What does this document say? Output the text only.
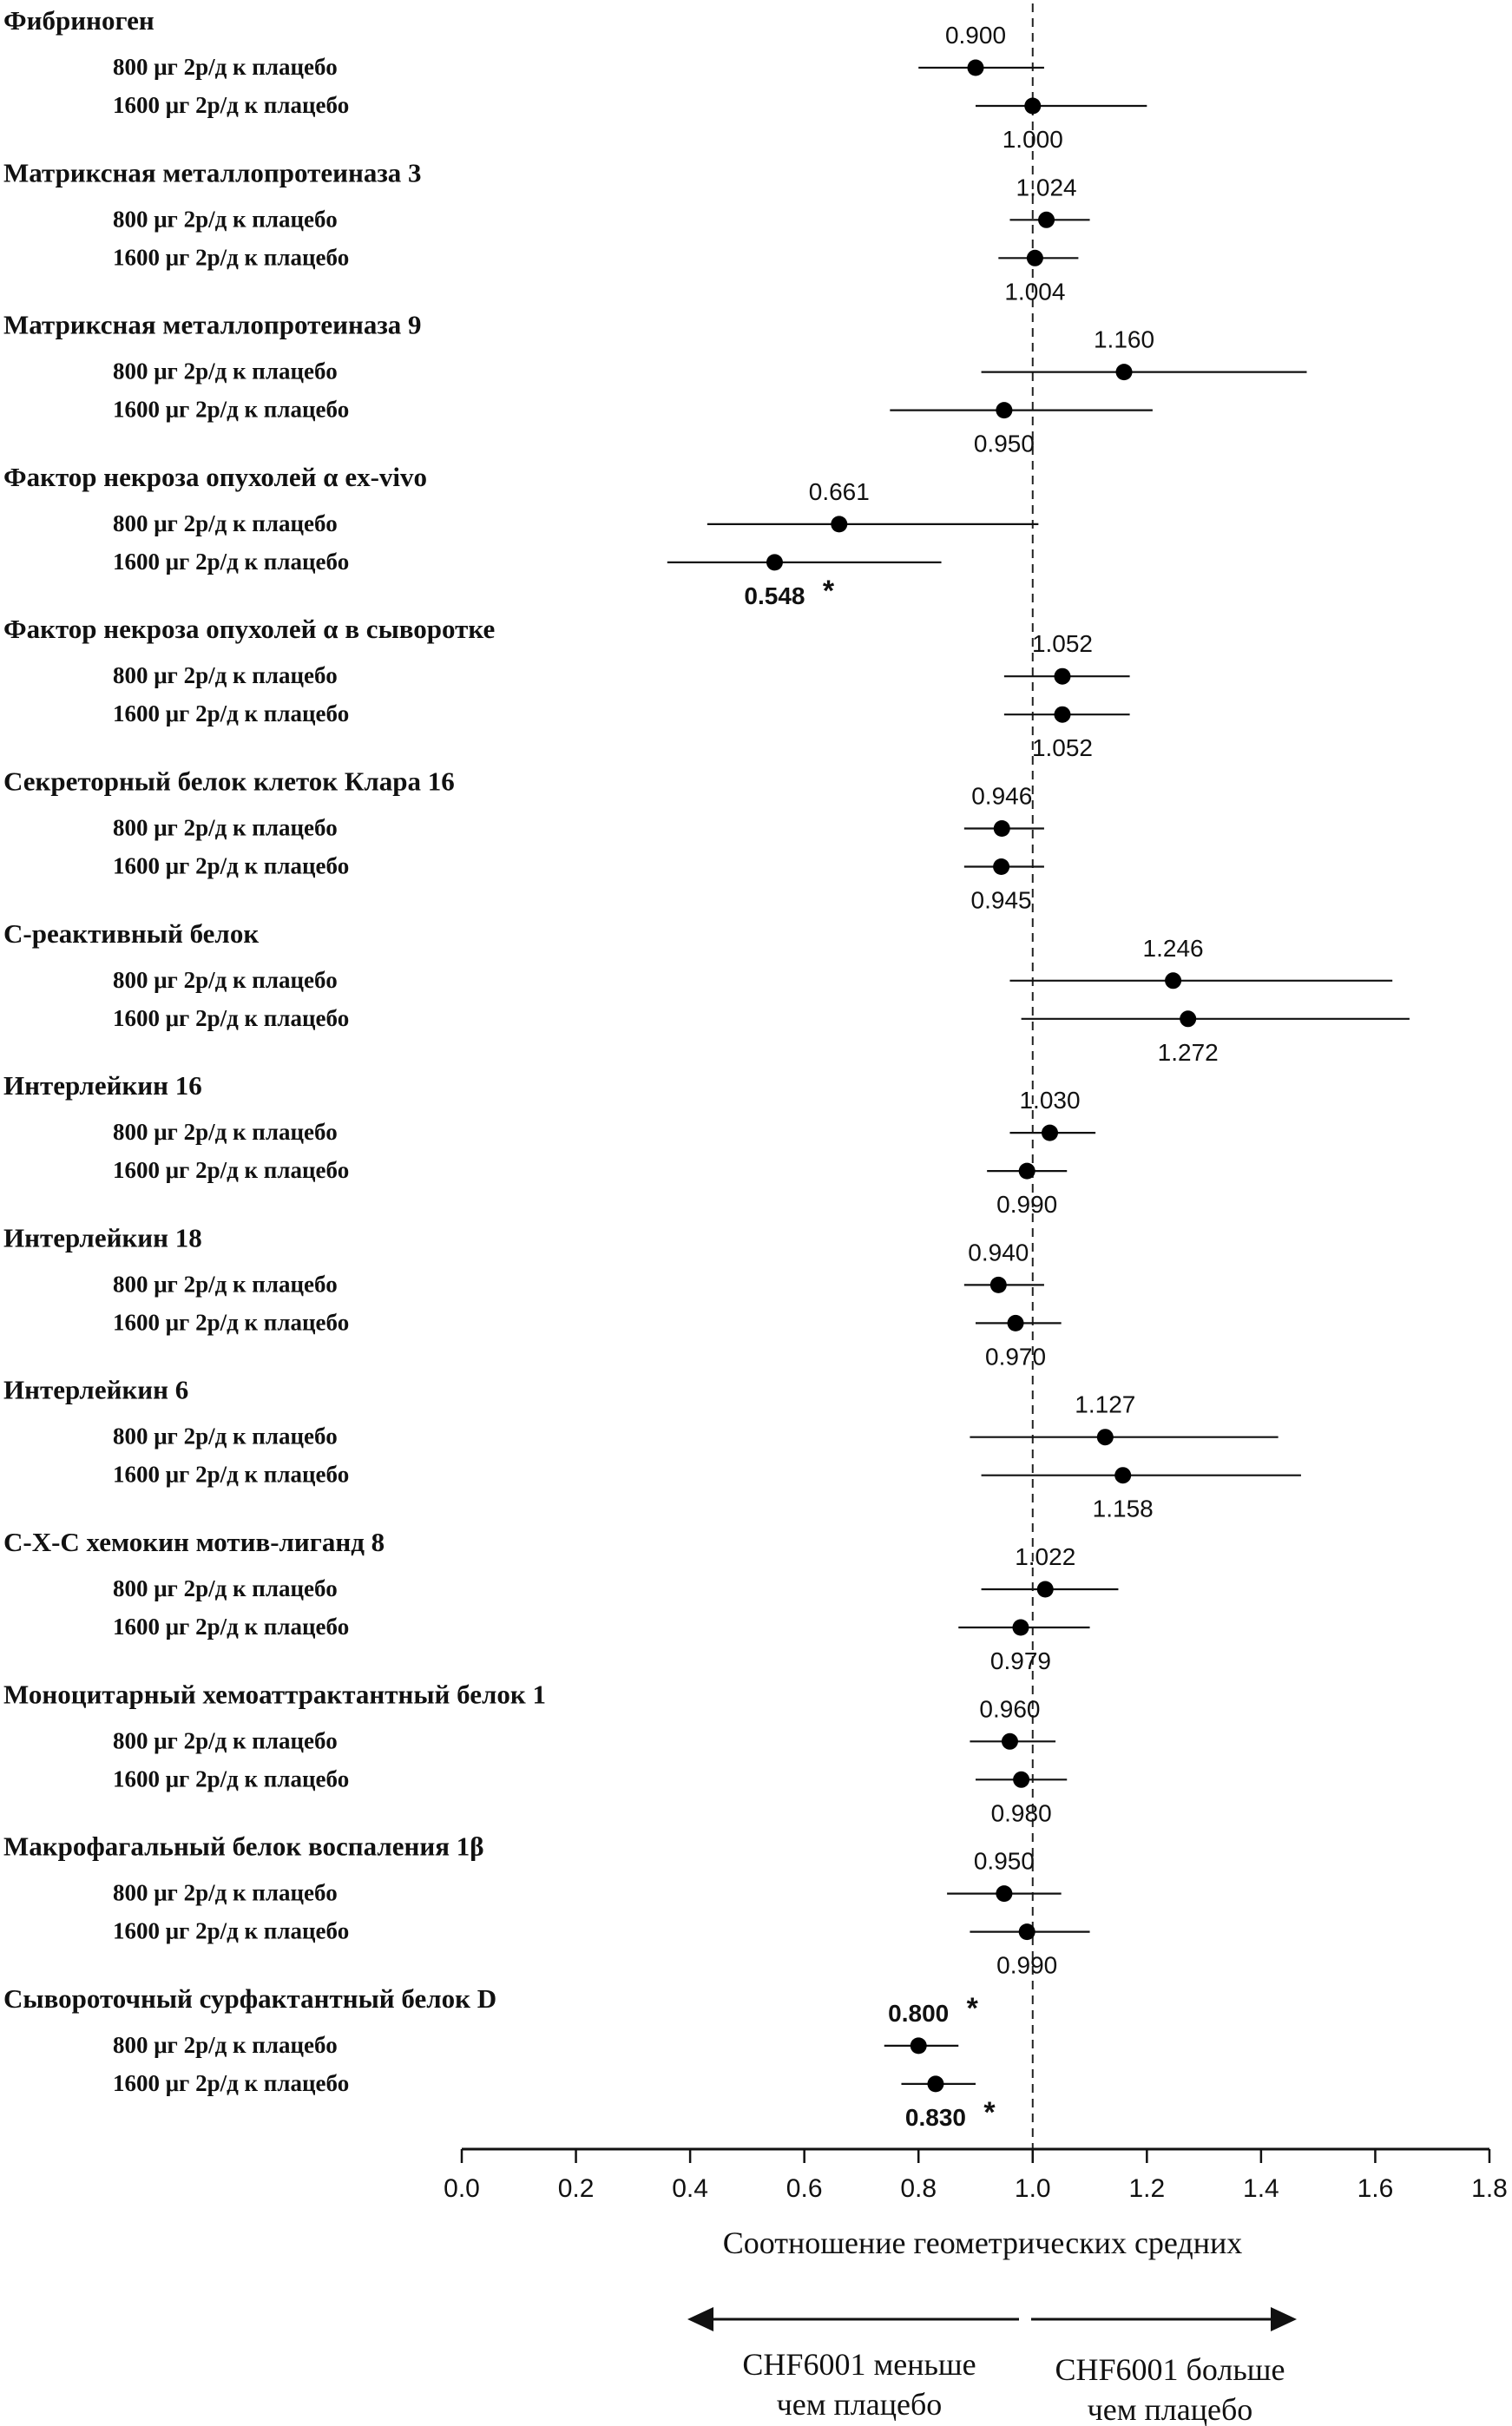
Фибриноген
800 μг 2р/д к плацебо
1600 μг 2р/д к плацебо
Матриксная металлопротеиназа 3
800 μг 2р/д к плацебо
1600 μг 2р/д к плацебо
Матриксная металлопротеиназа 9
800 μг 2р/д к плацебо
1600 μг 2р/д к плацебо
Фактор некроза опухолей α ex-vivo
800 μг 2р/д к плацебо
1600 μг 2р/д к плацебо
Фактор некроза опухолей α в сыворотке
800 μг 2р/д к плацебо
1600 μг 2р/д к плацебо
Секреторный белок клеток Клара 16
800 μг 2р/д к плацебо
1600 μг 2р/д к плацебо
С-реактивный белок
800 μг 2р/д к плацебо
1600 μг 2р/д к плацебо
Интерлейкин 16
800 μг 2р/д к плацебо
1600 μг 2р/д к плацебо
Интерлейкин 18
800 μг 2р/д к плацебо
1600 μг 2р/д к плацебо
Интерлейкин 6
800 μг 2р/д к плацебо
1600 μг 2р/д к плацебо
С-Х-С хемокин мотив-лиганд 8
800 μг 2р/д к плацебо
1600 μг 2р/д к плацебо
Моноцитарный хемоаттрактантный белок 1
800 μг 2р/д к плацебо
1600 μг 2р/д к плацебо
Макрофагальный белок воспаления 1β
800 μг 2р/д к плацебо
1600 μг 2р/д к плацебо
Сывороточный сурфактантный белок D
800 μг 2р/д к плацебо
1600 μг 2р/д к плацебо
0.900
1.000
1.024
1.004
1.160
0.950
0.661
0.548 *
1.052
1.052
0.946
0.945
1.246
1.272
1.030
0.990
0.940
0.970
1.127
1.158
1.022
0.979
0.960
0.980
0.950
0.990
0.800 *
0.830 *
0.0	0.2	0.4	0.6	0.8	1.0	1.2	1.4	1.6	1.8
Соотношение геометрических средних
CHF6001 меньше
чем плацебо
CHF6001 больше
чем плацебо
